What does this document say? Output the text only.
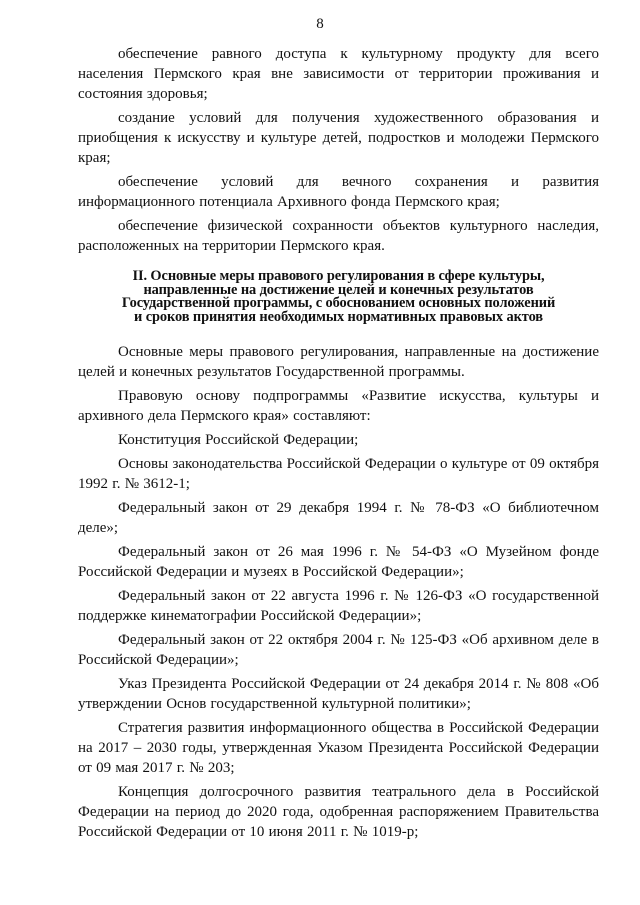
8

обеспечение равного доступа к культурному продукту для всего населения Пермского края вне зависимости от территории проживания и состояния здоровья;

создание условий для получения художественного образования и приобщения к искусству и культуре детей, подростков и молодежи Пермского края;

обеспечение условий для вечного сохранения и развития информационного потенциала Архивного фонда Пермского края;

обеспечение физической сохранности объектов культурного наследия, расположенных на территории Пермского края.

II. Основные меры правового регулирования в сфере культуры,
направленные на достижение целей и конечных результатов
Государственной программы, с обоснованием основных положений
и сроков принятия необходимых нормативных правовых актов

Основные меры правового регулирования, направленные на достижение целей и конечных результатов Государственной программы.

Правовую основу подпрограммы «Развитие искусства, культуры и архивного дела Пермского края» составляют:

Конституция Российской Федерации;

Основы законодательства Российской Федерации о культуре от 09 октября 1992 г. № 3612-1;

Федеральный закон от 29 декабря 1994 г. № 78-ФЗ «О библиотечном деле»;

Федеральный закон от 26 мая 1996 г. № 54-ФЗ «О Музейном фонде Российской Федерации и музеях в Российской Федерации»;

Федеральный закон от 22 августа 1996 г. № 126-ФЗ «О государственной поддержке кинематографии Российской Федерации»;

Федеральный закон от 22 октября 2004 г. № 125-ФЗ «Об архивном деле в Российской Федерации»;

Указ Президента Российской Федерации от 24 декабря 2014 г. № 808 «Об утверждении Основ государственной культурной политики»;

Стратегия развития информационного общества в Российской Федерации на 2017 – 2030 годы, утвержденная Указом Президента Российской Федерации от 09 мая 2017 г. № 203;

Концепция долгосрочного развития театрального дела в Российской Федерации на период до 2020 года, одобренная распоряжением Правительства Российской Федерации от 10 июня 2011 г. № 1019-р;
